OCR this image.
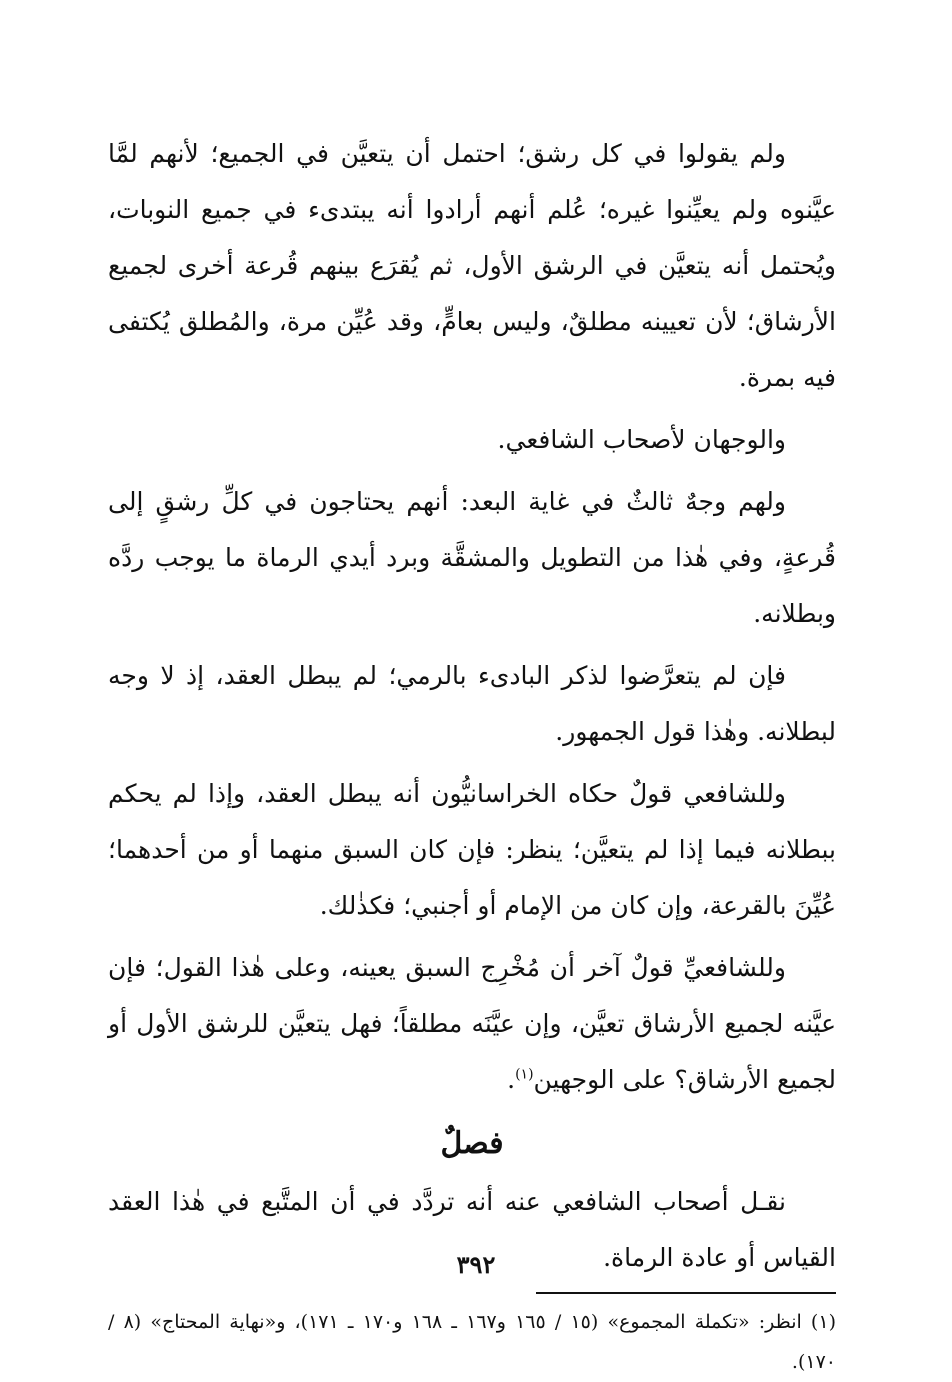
ولم يقولوا في كل رشق؛ احتمل أن يتعيَّن في الجميع؛ لأنهم لمَّا عيَّنوه ولم يعيِّنوا غيره؛ عُلم أنهم أرادوا أنه يبتدىء في جميع النوبات، ويُحتمل أنه يتعيَّن في الرشق الأول، ثم يُقرَع بينهم قُرعة أخرى لجميع الأرشاق؛ لأن تعيينه مطلقٌ، وليس بعامٍّ، وقد عُيِّن مرة، والمُطلق يُكتفى فيه بمرة.

والوجهان لأصحاب الشافعي.

ولهم وجهٌ ثالثٌ في غاية البعد: أنهم يحتاجون في كلِّ رشقٍ إلى قُرعةٍ، وفي هٰذا من التطويل والمشقَّة وبرد أيدي الرماة ما يوجب ردَّه وبطلانه.

فإن لم يتعرَّضوا لذكر البادىء بالرمي؛ لم يبطل العقد، إذ لا وجه لبطلانه. وهٰذا قول الجمهور.

وللشافعي قولٌ حكاه الخراسانيُّون أنه يبطل العقد، وإذا لم يحكم ببطلانه فيما إذا لم يتعيَّن؛ ينظر: فإن كان السبق منهما أو من أحدهما؛ عُيِّنَ بالقرعة، وإن كان من الإمام أو أجنبي؛ فكذٰلك.

وللشافعيِّ قولٌ آخر أن مُخْرِج السبق يعينه، وعلى هٰذا القول؛ فإن عيَّنه لجميع الأرشاق تعيَّن، وإن عيَّنَه مطلقاً؛ فهل يتعيَّن للرشق الأول أو لجميع الأرشاق؟ على الوجهين$^{(١)}$.

فصلٌ

نقـل أصحاب الشافعي عنه أنه تردَّد في أن المتَّبع في هٰذا العقد القياس أو عادة الرماة.

(١) انظر: «تكملة المجموع» (١٥ / ١٦٥ و١٦٧ ـ ١٦٨ و١٧٠ ـ ١٧١)، و«نهاية المحتاج» (٨ / ١٧٠).

٣٩٢
